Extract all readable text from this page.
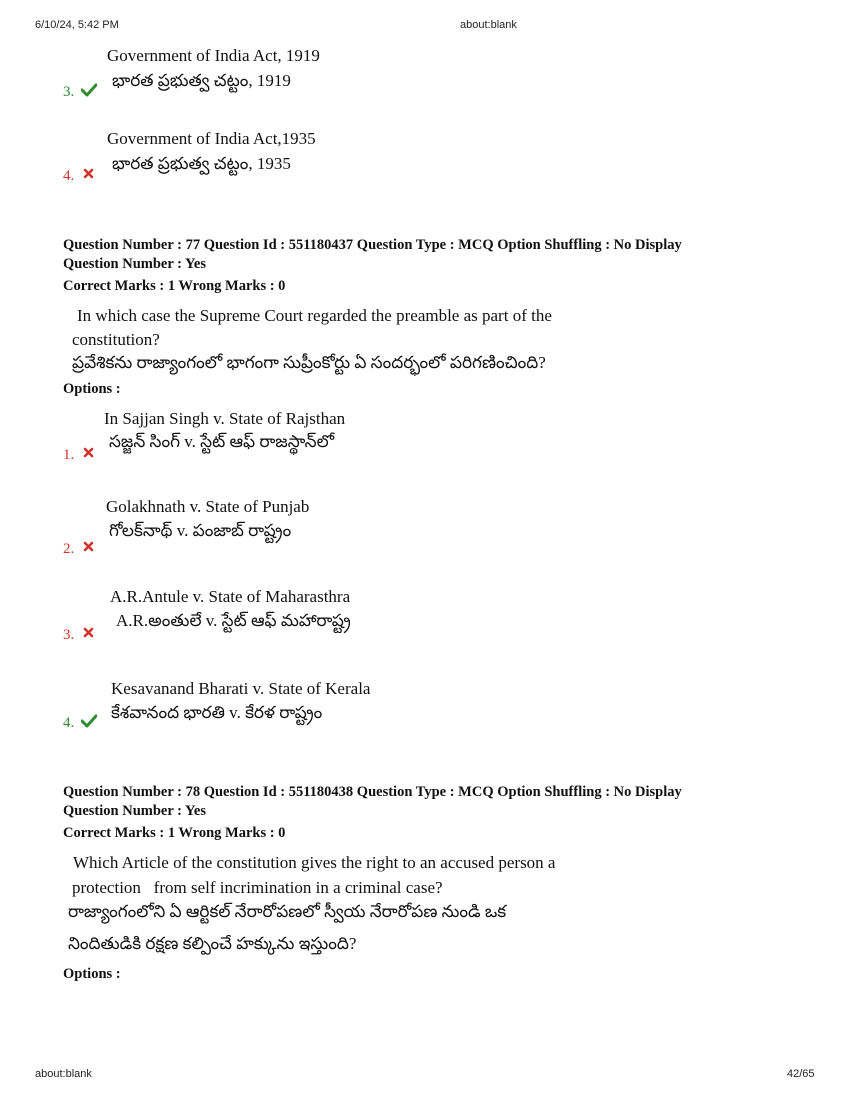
6/10/24, 5:42 PM	about:blank
about:blank	42/65
Government of India Act, 1919
భారత ప్రభుత్వ చట్టం, 1919
3.
Government of India Act,1935
భారత ప్రభుత్వ చట్టం, 1935
4.
Question Number : 77 Question Id : 551180437 Question Type : MCQ Option Shuffling : No Display
Question Number : Yes
Correct Marks : 1 Wrong Marks : 0
In which case the Supreme Court regarded the preamble as part of the
constitution?
ప్రవేశికను రాజ్యాంగంలో భాగంగా సుప్రీంకోర్టు ఏ సందర్భంలో పరిగణించింది?
Options :
In Sajjan Singh v. State of Rajsthan
సజ్జన్ సింగ్ v. స్టేట్ ఆఫ్ రాజస్థాన్‌లో
1.
Golakhnath v. State of Punjab
గోలక్‌నాథ్ v. పంజాబ్ రాష్ట్రం
2.
A.R.Antule v. State of Maharasthra
A.R.అంతులే v. స్టేట్ ఆఫ్ మహారాష్ట్ర
3.
Kesavanand Bharati v. State of Kerala
కేశవానంద భారతి v. కేరళ రాష్ట్రం
4.
Question Number : 78 Question Id : 551180438 Question Type : MCQ Option Shuffling : No Display
Question Number : Yes
Correct Marks : 1 Wrong Marks : 0
Which Article of the constitution gives the right to an accused person a
protection   from self incrimination in a criminal case?
రాజ్యాంగంలోని ఏ ఆర్టికల్ నేరారోపణలో స్వీయ నేరారోపణ నుండి ఒక
నిందితుడికి రక్షణ కల్పించే హక్కును ఇస్తుంది?
Options :
